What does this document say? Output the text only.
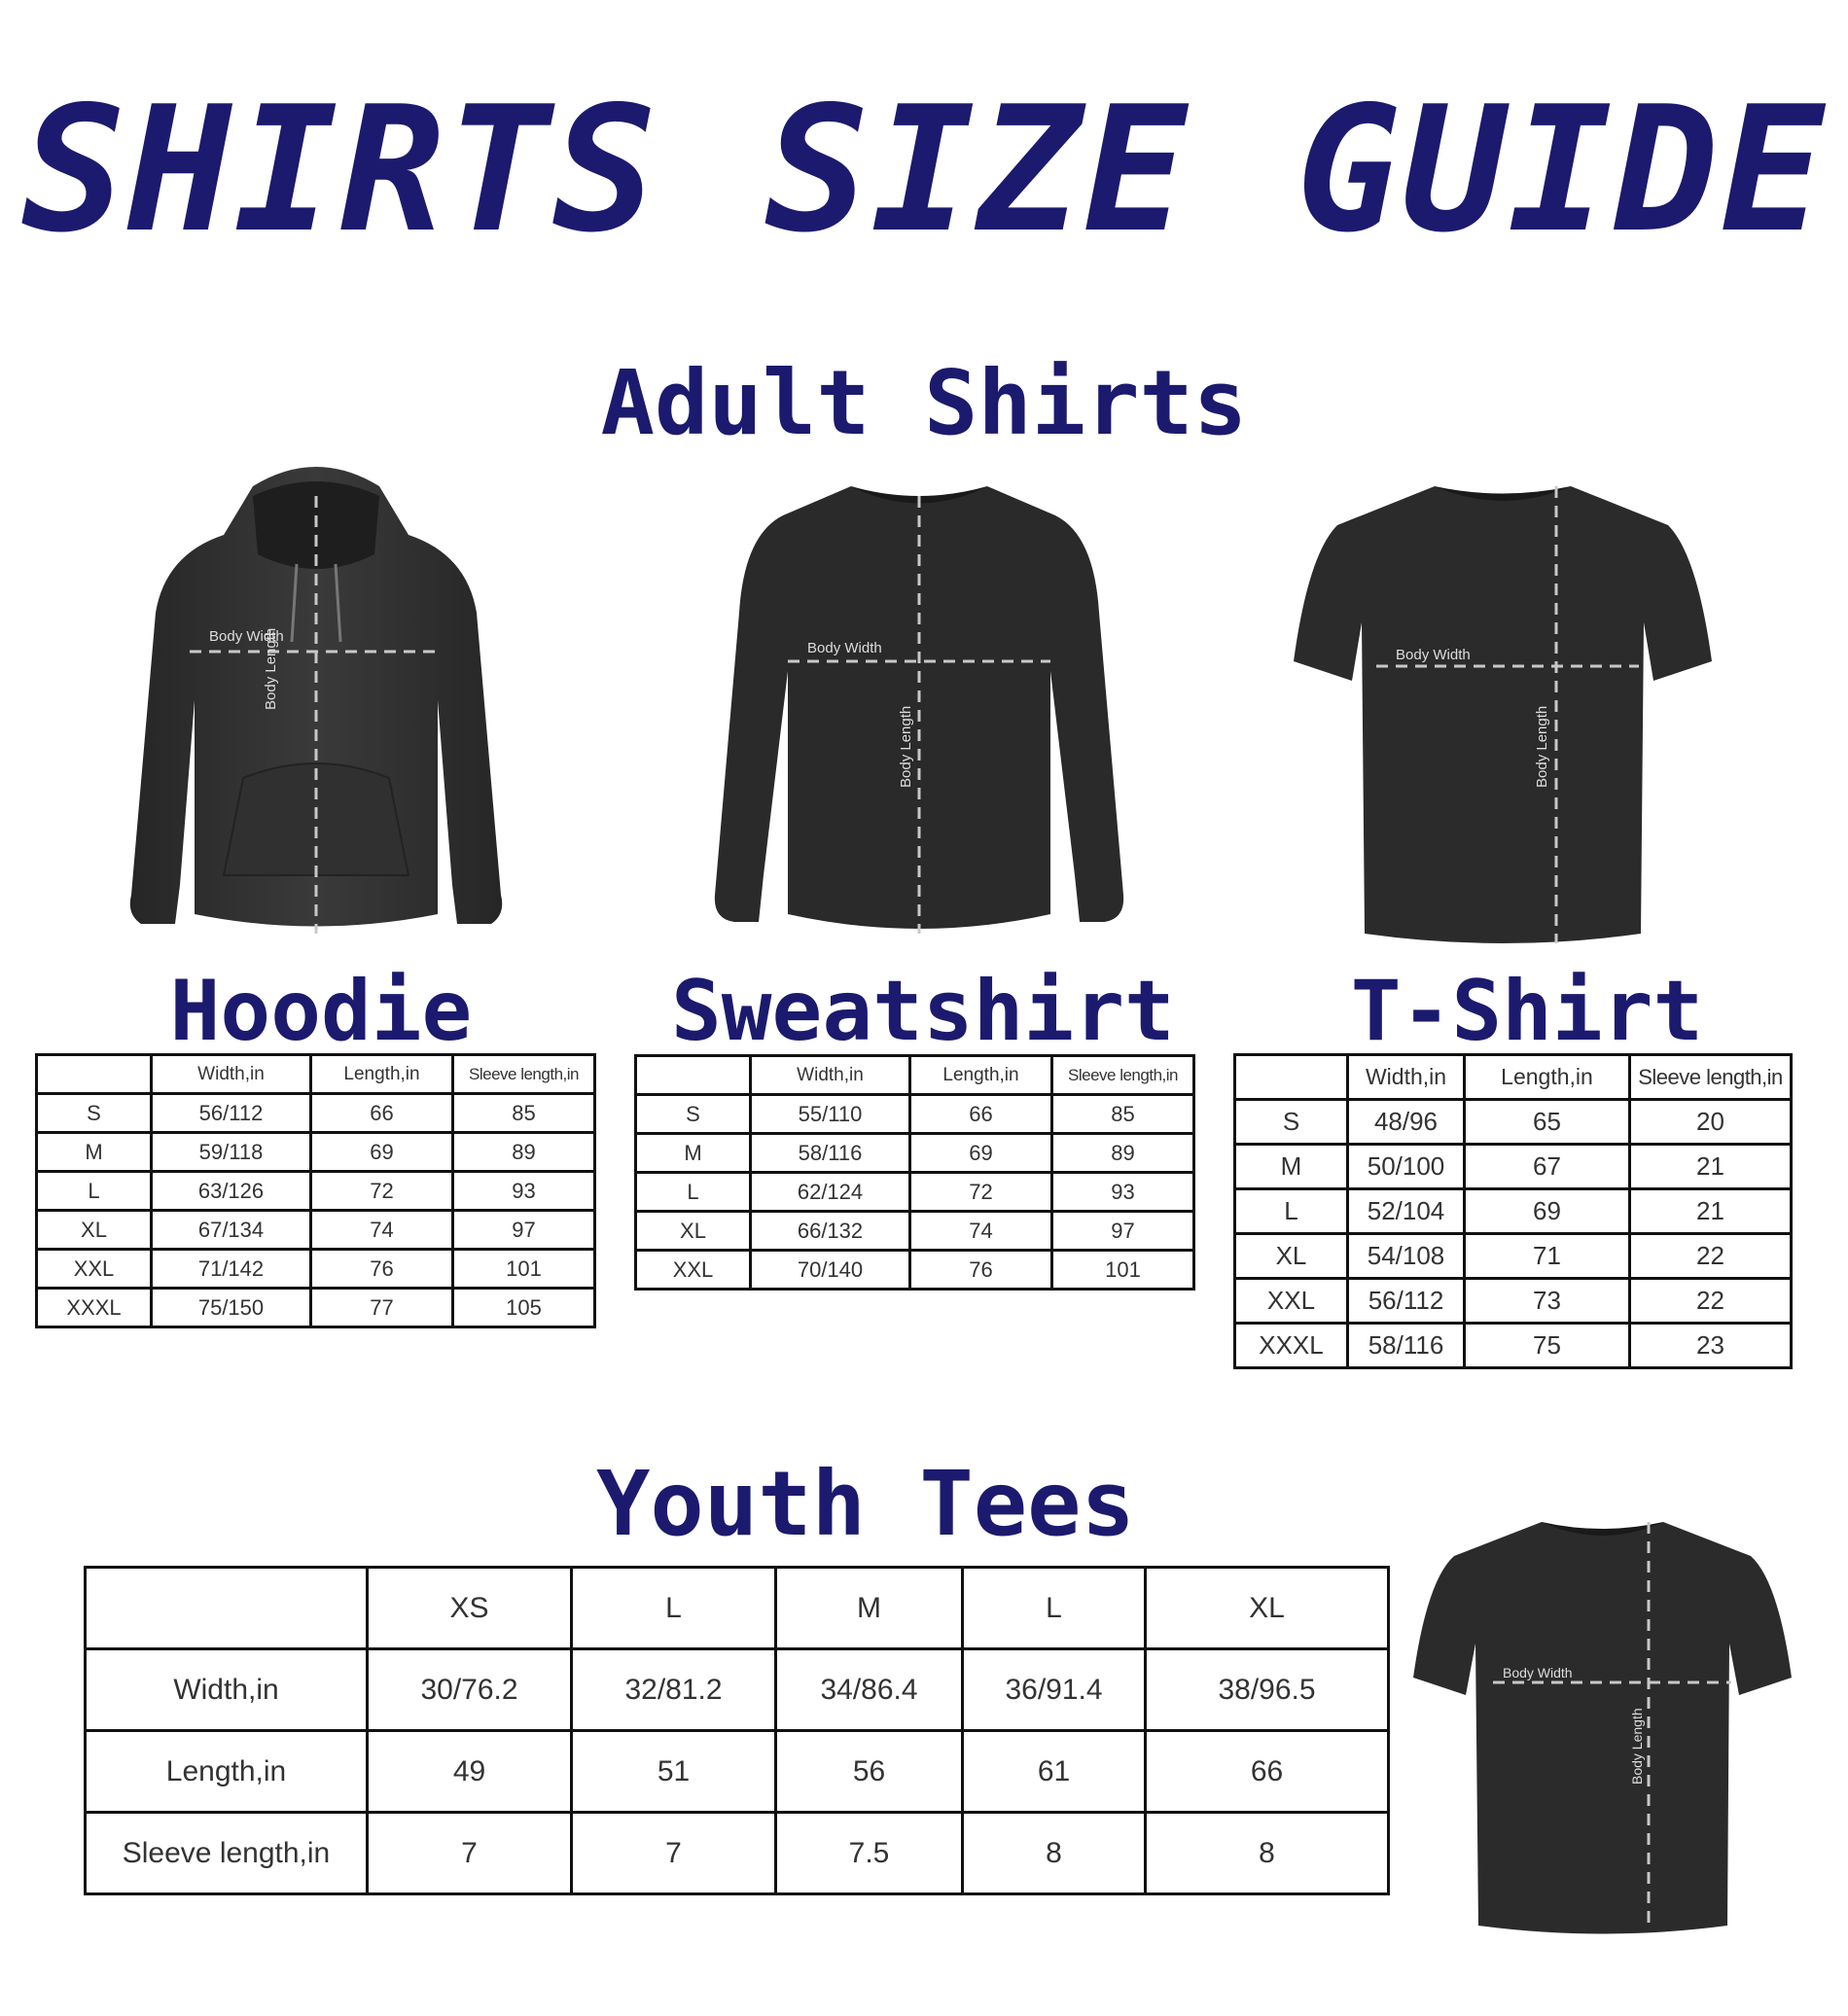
SHIRTS SIZE GUIDE
Adult Shirts
Body Width
Body Length	Body Width
Body Length
Body Width
Body Length
Hoodie	Sweatshirt T-Shirt
	Width,in	Length,in	Sleeve length,in
S	56/112	66	85
M	59/118	69	89
L	63/126	72	93
XL	67/134	74	97
XXL	71/142	76	101
XXXL	75/150	77	105
	Width,in	Length,in	Sleeve length,in
S	55/110	66	85
M	58/116	69	89
L	62/124	72	93
XL	66/132	74	97
XXL	70/140	76	101
	Width,in	Length,in	Sleeve length,in
S	48/96	65	20
M	50/100	67	21
L	52/104	69	21
XL	54/108	71	22
XXL	56/112	73	22
XXXL	58/116	75	23
Youth Tees
	XS	L	M	L	XL
Width,in	30/76.2	32/81.2	34/86.4	36/91.4	38/96.5
Length,in	49	51	56	61	66
Sleeve length,in	7	7	7.5	8	8
Body Width
Body Length
